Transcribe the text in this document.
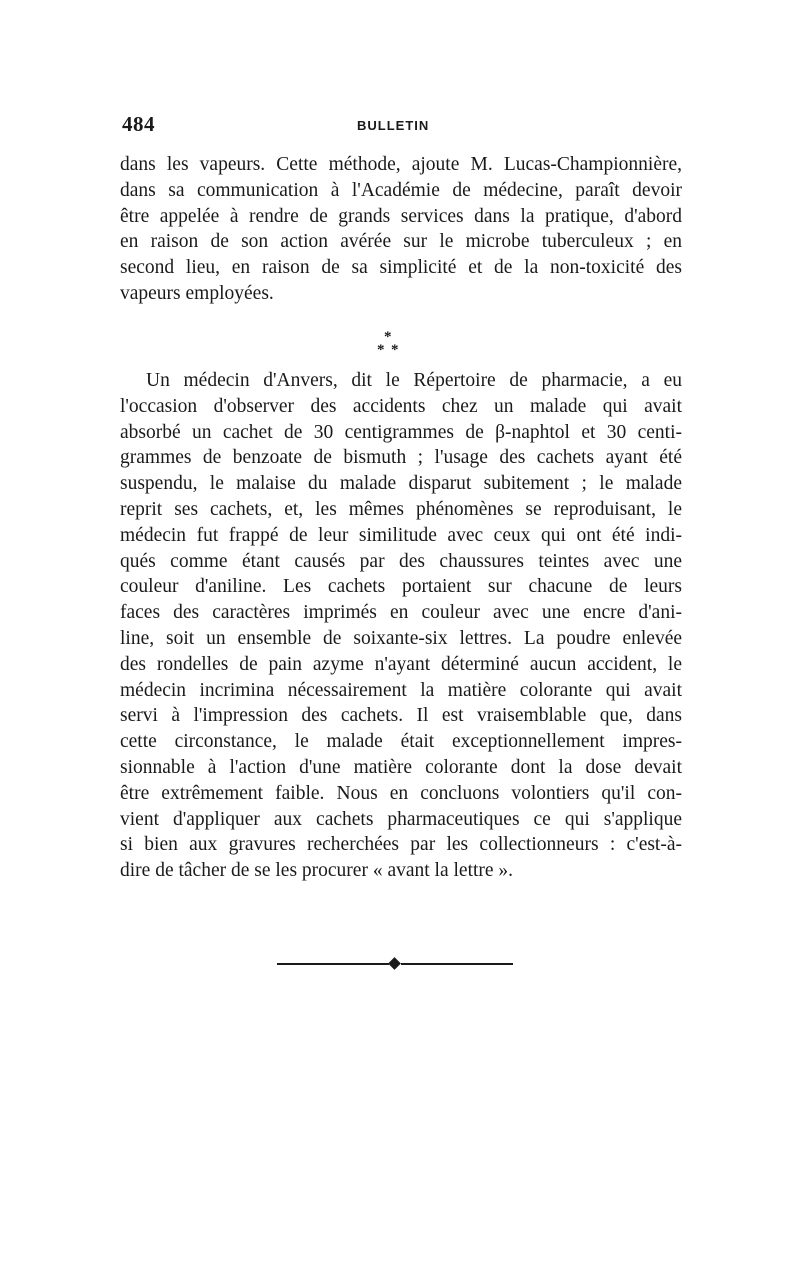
484	BULLETIN
dans les vapeurs. Cette méthode, ajoute M. Lucas-Championnière,
dans sa communication à l'Académie de médecine, paraît devoir
être appelée à rendre de grands services dans la pratique, d'abord
en raison de son action avérée sur le microbe tuberculeux ; en
second lieu, en raison de sa simplicité et de la non-toxicité des
vapeurs employées.
*
* *
Un médecin d'Anvers, dit le Répertoire de pharmacie, a eu
l'occasion d'observer des accidents chez un malade qui avait
absorbé un cachet de 30 centigrammes de β-naphtol et 30 centi-
grammes de benzoate de bismuth ; l'usage des cachets ayant été
suspendu, le malaise du malade disparut subitement ; le malade
reprit ses cachets, et, les mêmes phénomènes se reproduisant, le
médecin fut frappé de leur similitude avec ceux qui ont été indi-
qués comme étant causés par des chaussures teintes avec une
couleur d'aniline. Les cachets portaient sur chacune de leurs
faces des caractères imprimés en couleur avec une encre d'ani-
line, soit un ensemble de soixante-six lettres. La poudre enlevée
des rondelles de pain azyme n'ayant déterminé aucun accident, le
médecin incrimina nécessairement la matière colorante qui avait
servi à l'impression des cachets. Il est vraisemblable que, dans
cette circonstance, le malade était exceptionnellement impres-
sionnable à l'action d'une matière colorante dont la dose devait
être extrêmement faible. Nous en concluons volontiers qu'il con-
vient d'appliquer aux cachets pharmaceutiques ce qui s'applique
si bien aux gravures recherchées par les collectionneurs : c'est-à-
dire de tâcher de se les procurer « avant la lettre ».
